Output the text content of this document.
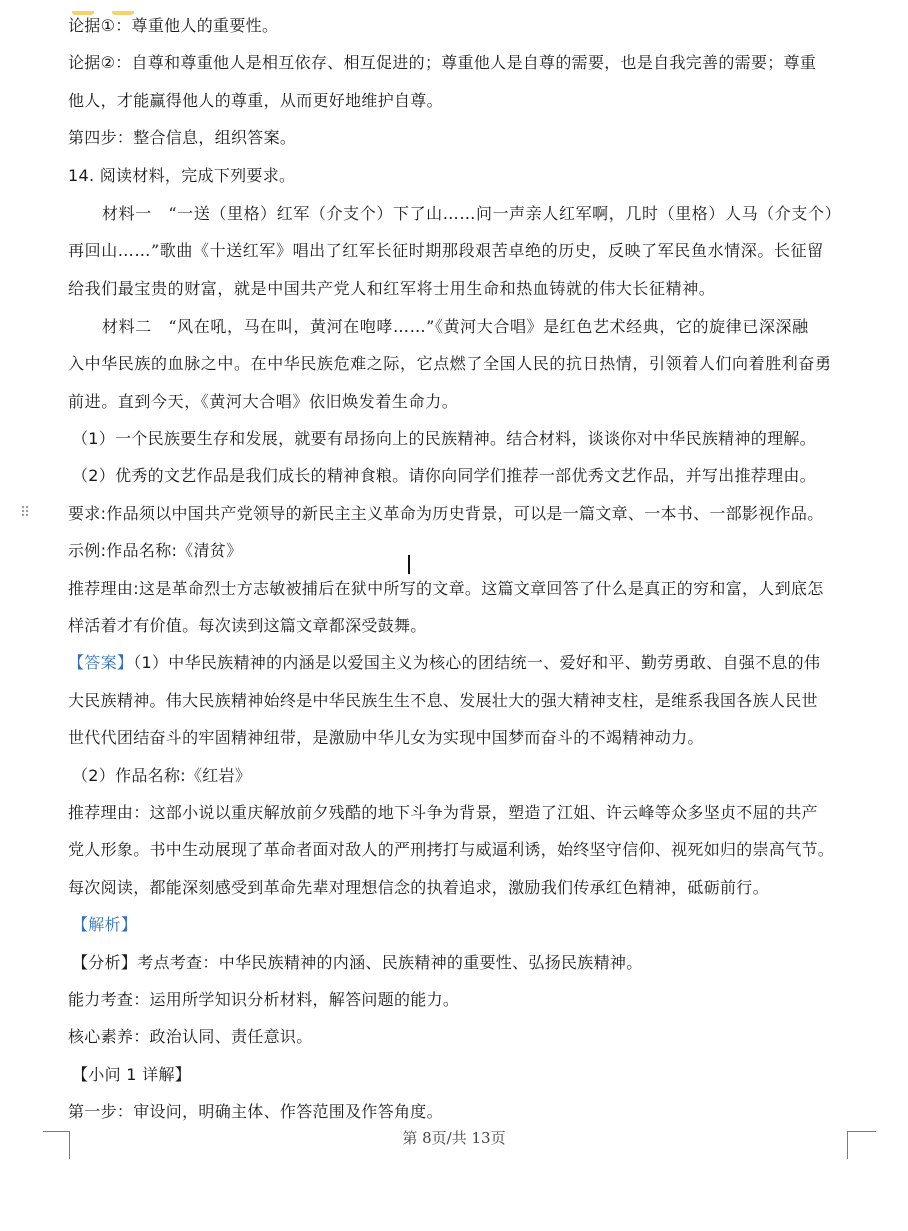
论据①：尊重他人的重要性。
论据②：自尊和尊重他人是相互依存、相互促进的；尊重他人是自尊的需要，也是自我完善的需要；尊重
他人，才能赢得他人的尊重，从而更好地维护自尊。
第四步：整合信息，组织答案。
14. 阅读材料，完成下列要求。
材料一　“一送（里格）红军（介支个）下了山……问一声亲人红军啊，几时（里格）人马（介支个）
再回山……”歌曲《十送红军》唱出了红军长征时期那段艰苦卓绝的历史，反映了军民鱼水情深。长征留
给我们最宝贵的财富，就是中国共产党人和红军将士用生命和热血铸就的伟大长征精神。
材料二　“风在吼，马在叫，黄河在咆哮……”《黄河大合唱》是红色艺术经典，它的旋律已深深融
入中华民族的血脉之中。在中华民族危难之际，它点燃了全国人民的抗日热情，引领着人们向着胜利奋勇
前进。直到今天，《黄河大合唱》依旧焕发着生命力。
（1）一个民族要生存和发展，就要有昂扬向上的民族精神。结合材料，谈谈你对中华民族精神的理解。
（2）优秀的文艺作品是我们成长的精神食粮。请你向同学们推荐一部优秀文艺作品，并写出推荐理由。
⠿ 要求:作品须以中国共产党领导的新民主主义革命为历史背景，可以是一篇文章、一本书、一部影视作品。
示例:作品名称:《清贫》
推荐理由:这是革命烈士方志敏被捕后在狱中所写的文章。这篇文章回答了什么是真正的穷和富，人到底怎
样活着才有价值。每次读到这篇文章都深受鼓舞。
【答案】（1）中华民族精神的内涵是以爱国主义为核心的团结统一、爱好和平、勤劳勇敢、自强不息的伟
大民族精神。伟大民族精神始终是中华民族生生不息、发展壮大的强大精神支柱，是维系我国各族人民世
世代代团结奋斗的牢固精神纽带，是激励中华儿女为实现中国梦而奋斗的不竭精神动力。
（2）作品名称:《红岩》
推荐理由：这部小说以重庆解放前夕残酷的地下斗争为背景，塑造了江姐、许云峰等众多坚贞不屈的共产
党人形象。书中生动展现了革命者面对敌人的严刑拷打与威逼利诱，始终坚守信仰、视死如归的崇高气节。
每次阅读，都能深刻感受到革命先辈对理想信念的执着追求，激励我们传承红色精神，砥砺前行。
【解析】
【分析】考点考查：中华民族精神的内涵、民族精神的重要性、弘扬民族精神。
能力考查：运用所学知识分析材料，解答问题的能力。
核心素养：政治认同、责任意识。
【小问 1 详解】
第一步：审设问，明确主体、作答范围及作答角度。
第 8页/共 13页
